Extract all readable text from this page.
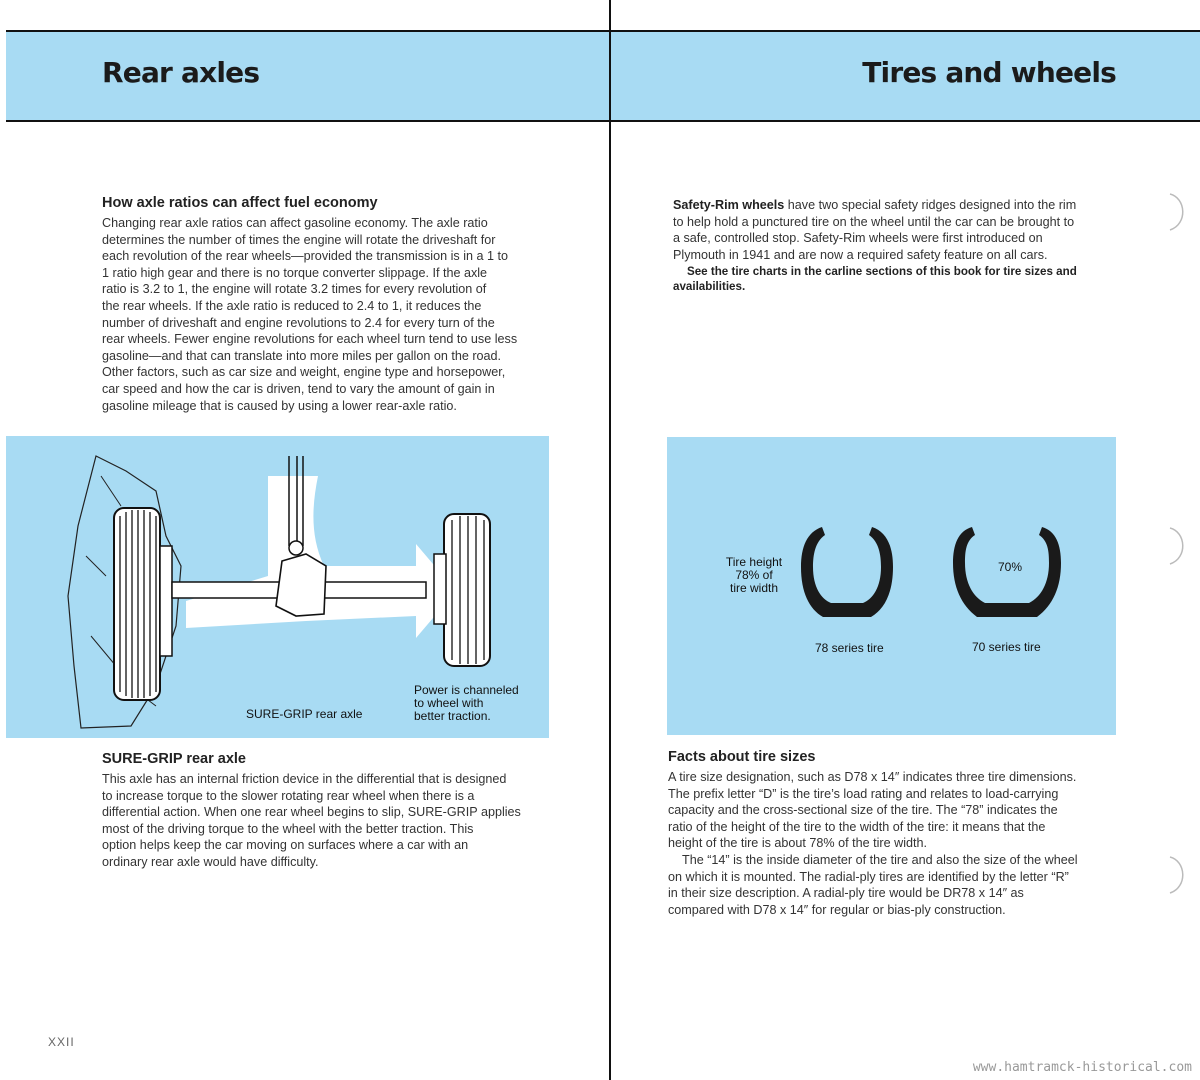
Rear axles	Tires and wheels
How axle ratios can affect fuel economy

Changing rear axle ratios can affect gasoline economy. The axle ratio

determines the number of times the engine will rotate the driveshaft for

each revolution of the rear wheels—provided the transmission is in a 1 to

1 ratio high gear and there is no torque converter slippage. If the axle

ratio is 3.2 to 1, the engine will rotate 3.2 times for every revolution of

the rear wheels. If the axle ratio is reduced to 2.4 to 1, it reduces the

number of driveshaft and engine revolutions to 2.4 for every turn of the

rear wheels. Fewer engine revolutions for each wheel turn tend to use less

gasoline—and that can translate into more miles per gallon on the road.

Other factors, such as car size and weight, engine type and horsepower,

car speed and how the car is driven, tend to vary the amount of gain in

gasoline mileage that is caused by using a lower rear-axle ratio.

SURE-GRIP rear axle
Power is channeled
to wheel with
better traction.
SURE-GRIP rear axle

This axle has an internal friction device in the differential that is designed

to increase torque to the slower rotating rear wheel when there is a

differential action. When one rear wheel begins to slip, SURE-GRIP applies

most of the driving torque to the wheel with the better traction. This

option helps keep the car moving on surfaces where a car with an

ordinary rear axle would have difficulty.

XXII

Safety-Rim wheels have two special safety ridges designed into the rim

to help hold a punctured tire on the wheel until the car can be brought to

a safe, controlled stop. Safety-Rim wheels were first introduced on

Plymouth in 1941 and are now a required safety feature on all cars.

See the tire charts in the carline sections of this book for tire sizes and
availabilities.
Tire height
78% of
tire width
70%
78 series tire	70 series tire
Facts about tire sizes

A tire size designation, such as D78 x 14″ indicates three tire dimensions.

The prefix letter “D” is the tire’s load rating and relates to load-carrying

capacity and the cross-sectional size of the tire. The “78” indicates the

ratio of the height of the tire to the width of the tire: it means that the

height of the tire is about 78% of the tire width.

The “14” is the inside diameter of the tire and also the size of the wheel

on which it is mounted. The radial-ply tires are identified by the letter “R”

in their size description. A radial-ply tire would be DR78 x 14″ as

compared with D78 x 14″ for regular or bias-ply construction.

www.hamtramck-historical.com
